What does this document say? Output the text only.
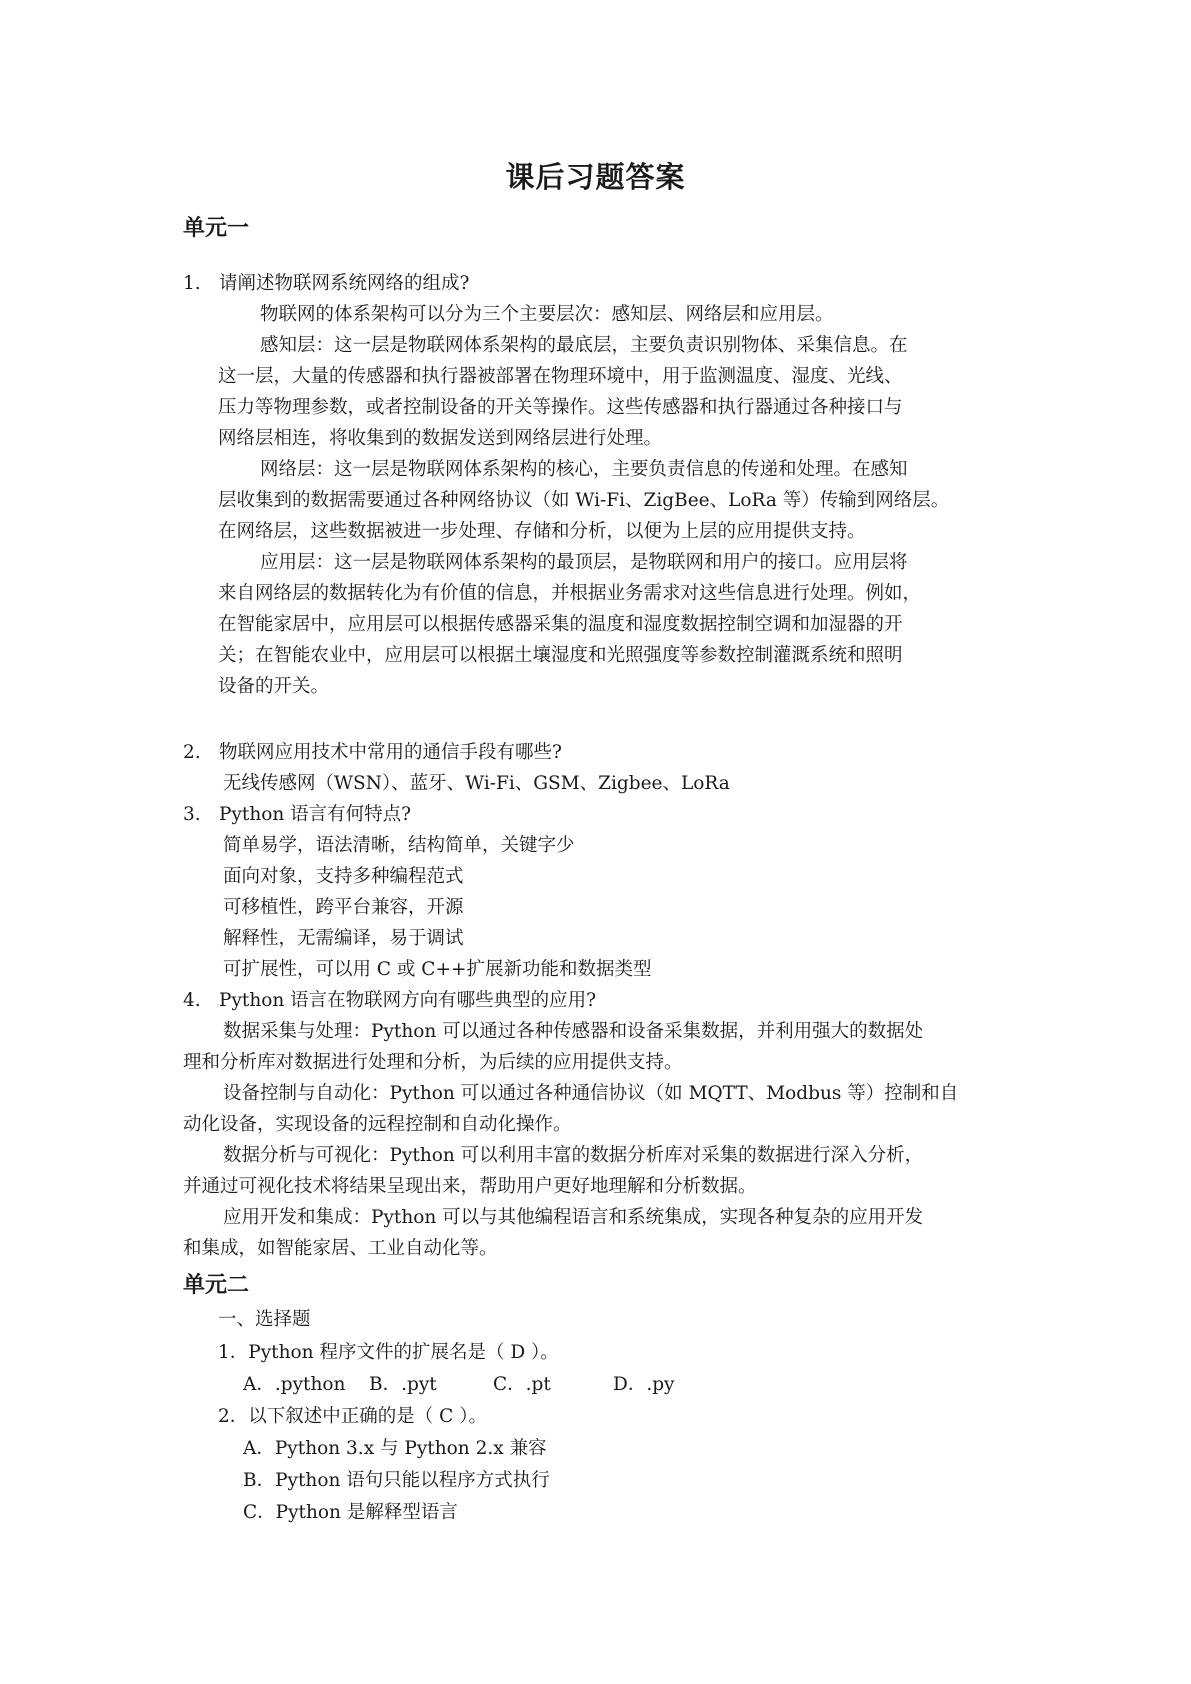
课后习题答案
单元一
1. 请阐述物联网系统网络的组成?
物联网的体系架构可以分为三个主要层次：感知层、网络层和应用层。
感知层：这一层是物联网体系架构的最底层，主要负责识别物体、采集信息。在
这一层，大量的传感器和执行器被部署在物理环境中，用于监测温度、湿度、光线、
压力等物理参数，或者控制设备的开关等操作。这些传感器和执行器通过各种接口与
网络层相连，将收集到的数据发送到网络层进行处理。
网络层：这一层是物联网体系架构的核心，主要负责信息的传递和处理。在感知
层收集到的数据需要通过各种网络协议（如 Wi-Fi、ZigBee、LoRa 等）传输到网络层。
在网络层，这些数据被进一步处理、存储和分析，以便为上层的应用提供支持。
应用层：这一层是物联网体系架构的最顶层，是物联网和用户的接口。应用层将
来自网络层的数据转化为有价值的信息，并根据业务需求对这些信息进行处理。例如，
在智能家居中，应用层可以根据传感器采集的温度和湿度数据控制空调和加湿器的开
关；在智能农业中，应用层可以根据土壤湿度和光照强度等参数控制灌溉系统和照明
设备的开关。
2. 物联网应用技术中常用的通信手段有哪些?
无线传感网（WSN）、蓝牙、Wi-Fi、GSM、Zigbee、LoRa
3. Python 语言有何特点?
简单易学，语法清晰，结构简单，关键字少
面向对象，支持多种编程范式
可移植性，跨平台兼容，开源
解释性，无需编译，易于调试
可扩展性，可以用 C 或 C++扩展新功能和数据类型
4. Python 语言在物联网方向有哪些典型的应用?
数据采集与处理：Python 可以通过各种传感器和设备采集数据，并利用强大的数据处
理和分析库对数据进行处理和分析，为后续的应用提供支持。
设备控制与自动化：Python 可以通过各种通信协议（如 MQTT、Modbus 等）控制和自
动化设备，实现设备的远程控制和自动化操作。
数据分析与可视化：Python 可以利用丰富的数据分析库对采集的数据进行深入分析，
并通过可视化技术将结果呈现出来，帮助用户更好地理解和分析数据。
应用开发和集成：Python 可以与其他编程语言和系统集成，实现各种复杂的应用开发
和集成，如智能家居、工业自动化等。
单元二
一、选择题
1．Python 程序文件的扩展名是（ D ）。
A．.python B．.pyt	C．.pt	D．.py
2．以下叙述中正确的是（ C ）。
A．Python 3.x 与 Python 2.x 兼容
B．Python 语句只能以程序方式执行
C．Python 是解释型语言
